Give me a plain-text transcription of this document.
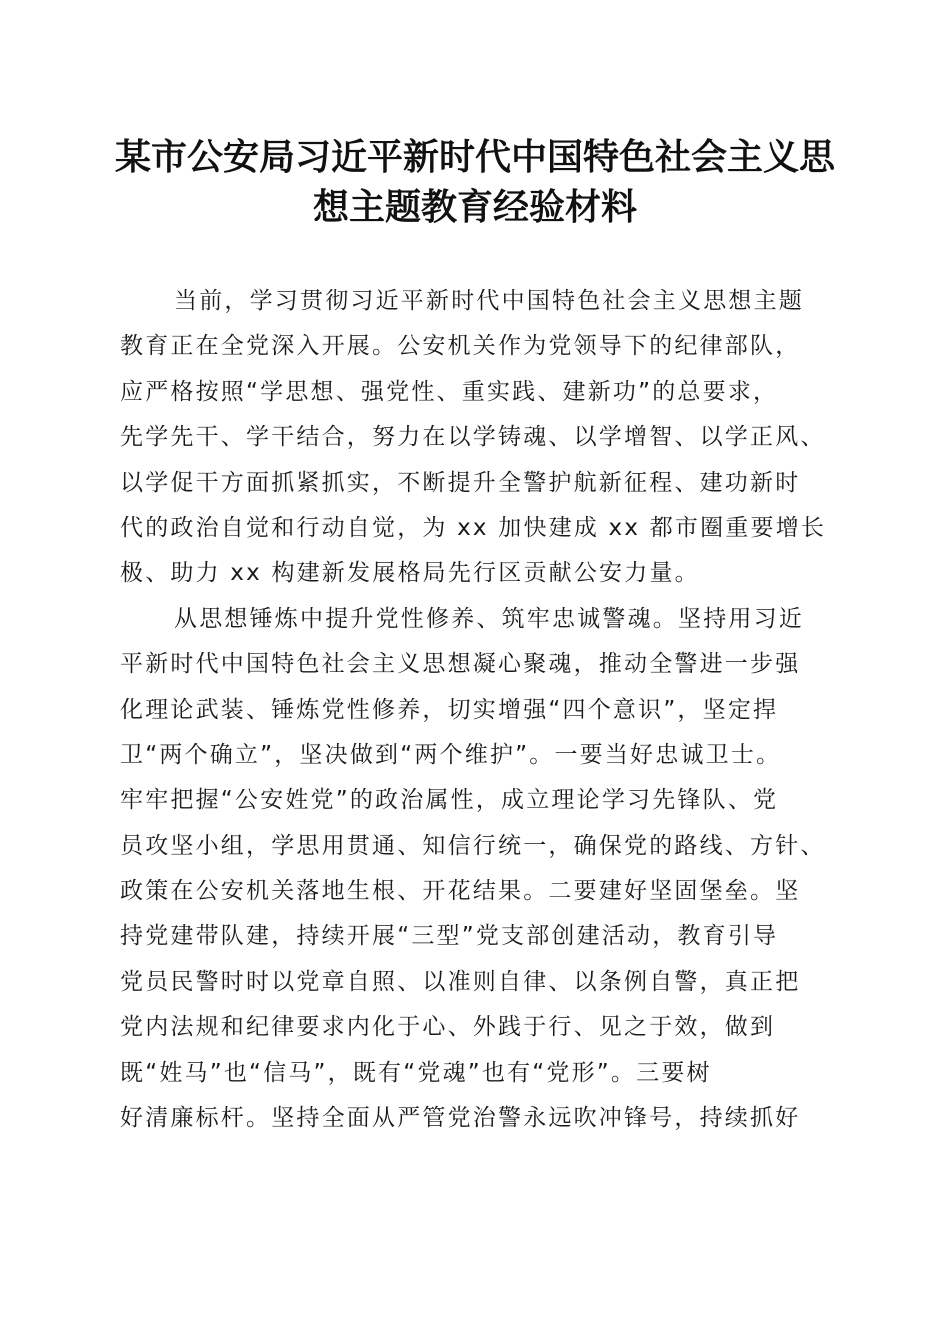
某市公安局习近平新时代中国特色社会主义思
想主题教育经验材料
当前，学习贯彻习近平新时代中国特色社会主义思想主题
教育正在全党深入开展。公安机关作为党领导下的纪律部队，
应严格按照“学思想、强党性、重实践、建新功”的总要求，
先学先干、学干结合，努力在以学铸魂、以学增智、以学正风、
以学促干方面抓紧抓实，不断提升全警护航新征程、建功新时
代的政治自觉和行动自觉，为 xx 加快建成 xx 都市圈重要增长
极、助力 xx 构建新发展格局先行区贡献公安力量。
从思想锤炼中提升党性修养、筑牢忠诚警魂。坚持用习近
平新时代中国特色社会主义思想凝心聚魂，推动全警进一步强
化理论武装、锤炼党性修养，切实增强“四个意识”，坚定捍
卫“两个确立”，坚决做到“两个维护”。一要当好忠诚卫士。
牢牢把握“公安姓党”的政治属性，成立理论学习先锋队、党
员攻坚小组，学思用贯通、知信行统一，确保党的路线、方针、
政策在公安机关落地生根、开花结果。二要建好坚固堡垒。坚
持党建带队建，持续开展“三型”党支部创建活动，教育引导
党员民警时时以党章自照、以准则自律、以条例自警，真正把
党内法规和纪律要求内化于心、外践于行、见之于效，做到
既“姓马”也“信马”，既有“党魂”也有“党形”。三要树
好清廉标杆。坚持全面从严管党治警永远吹冲锋号，持续抓好
